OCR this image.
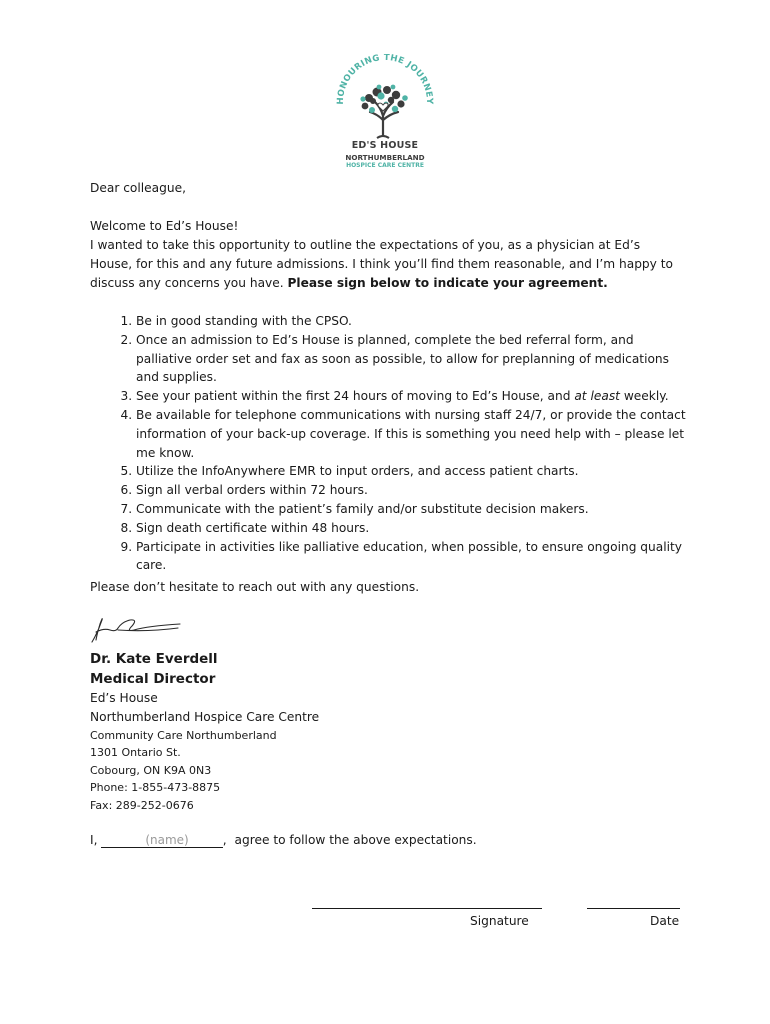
HONOURING THE JOURNEY
ED'S HOUSE
NORTHUMBERLAND
HOSPICE CARE CENTRE
Dear colleague,
Welcome to Ed’s House!
I wanted to take this opportunity to outline the expectations of you, as a physician at Ed’s
House, for this and any future admissions. I think you’ll find them reasonable, and I’m happy to
discuss any concerns you have. Please sign below to indicate your agreement.
1. Be in good standing with the CPSO.
2. Once an admission to Ed’s House is planned, complete the bed referral form, and palliative order set and fax as soon as possible, to allow for preplanning of medications and supplies.
3. See your patient within the first 24 hours of moving to Ed’s House, and at least weekly.
4. Be available for telephone communications with nursing staff 24/7, or provide the contact information of your back-up coverage. If this is something you need help with – please let me know.
5. Utilize the InfoAnywhere EMR to input orders, and access patient charts.
6. Sign all verbal orders within 72 hours.
7. Communicate with the patient’s family and/or substitute decision makers.
8. Sign death certificate within 48 hours.
9. Participate in activities like palliative education, when possible, to ensure ongoing quality care.
Please don’t hesitate to reach out with any questions.
Dr. Kate Everdell
Medical Director
Ed’s House
Northumberland Hospice Care Centre
Community Care Northumberland
1301 Ontario St.
Cobourg, ON K9A 0N3
Phone: 1-855-473-8875
Fax: 289-252-0676
I,	(name)	, agree to follow the above expectations.
Signature	Date
